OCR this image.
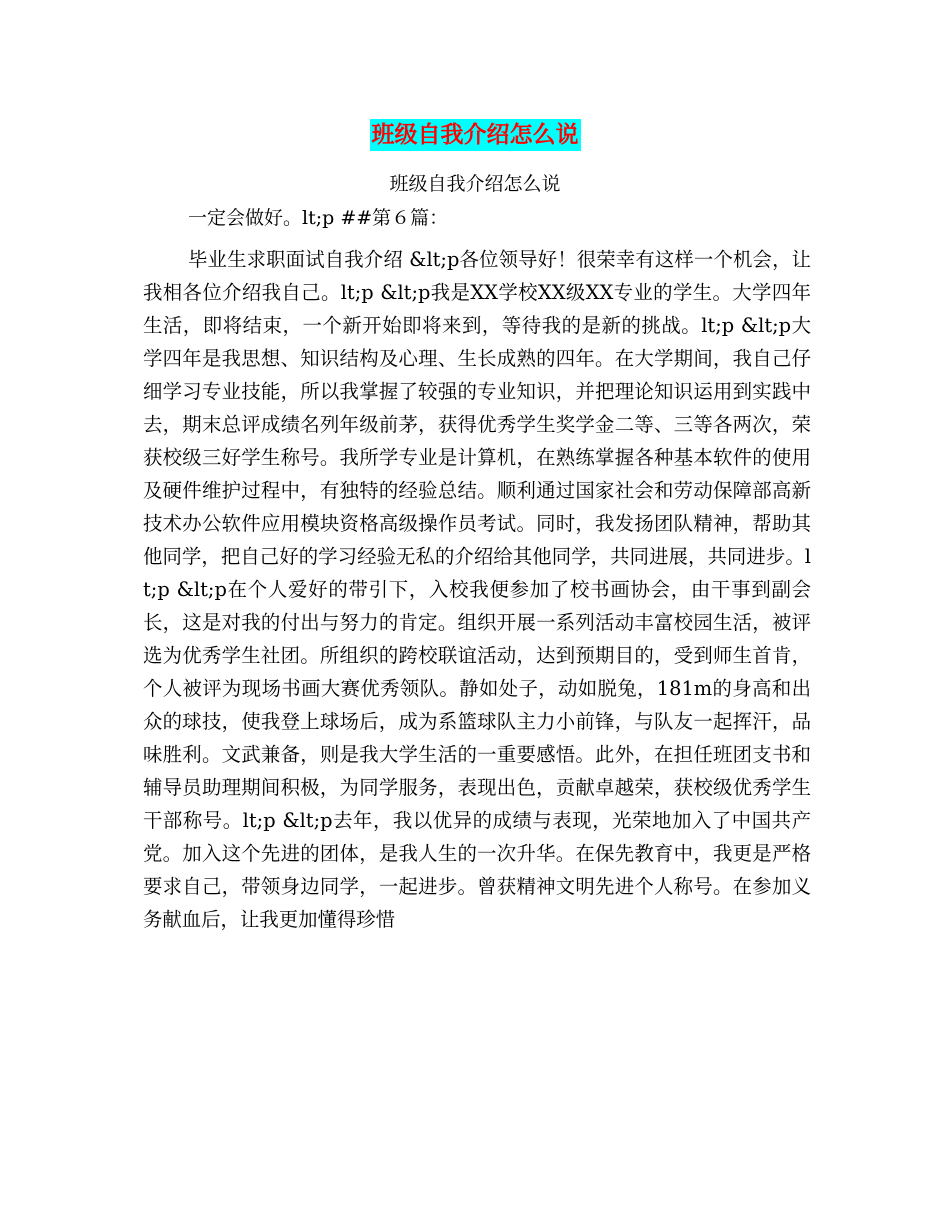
班级自我介绍怎么说

班级自我介绍怎么说

一定会做好。lt;p ##第６篇：

毕业生求职面试自我介绍 &lt;p各位领导好！很荣幸有这样一个机会，让我相各位介绍我自己。lt;p &lt;p我是XX学校XX级XX专业的学生。大学四年生活，即将结束，一个新开始即将来到，等待我的是新的挑战。lt;p &lt;p大学四年是我思想、知识结构及心理、生长成熟的四年。在大学期间，我自己仔细学习专业技能，所以我掌握了较强的专业知识，并把理论知识运用到实践中去，期末总评成绩名列年级前茅，获得优秀学生奖学金二等、三等各两次，荣获校级三好学生称号。我所学专业是计算机，在熟练掌握各种基本软件的使用及硬件维护过程中，有独特的经验总结。顺利通过国家社会和劳动保障部高新技术办公软件应用模块资格高级操作员考试。同时，我发扬团队精神，帮助其他同学，把自己好的学习经验无私的介绍给其他同学，共同进展，共同进步。lt;p &lt;p在个人爱好的带引下，入校我便参加了校书画协会，由干事到副会长，这是对我的付出与努力的肯定。组织开展一系列活动丰富校园生活，被评选为优秀学生社团。所组织的跨校联谊活动，达到预期目的，受到师生首肯，个人被评为现场书画大赛优秀领队。静如处子，动如脱兔，181m的身高和出众的球技，使我登上球场后，成为系篮球队主力小前锋，与队友一起挥汗，品味胜利。文武兼备，则是我大学生活的一重要感悟。此外，在担任班团支书和辅导员助理期间积极，为同学服务，表现出色，贡献卓越荣，获校级优秀学生干部称号。lt;p &lt;p去年，我以优异的成绩与表现，光荣地加入了中国共产党。加入这个先进的团体，是我人生的一次升华。在保先教育中，我更是严格要求自己，带领身边同学，一起进步。曾获精神文明先进个人称号。在参加义务献血后，让我更加懂得珍惜
